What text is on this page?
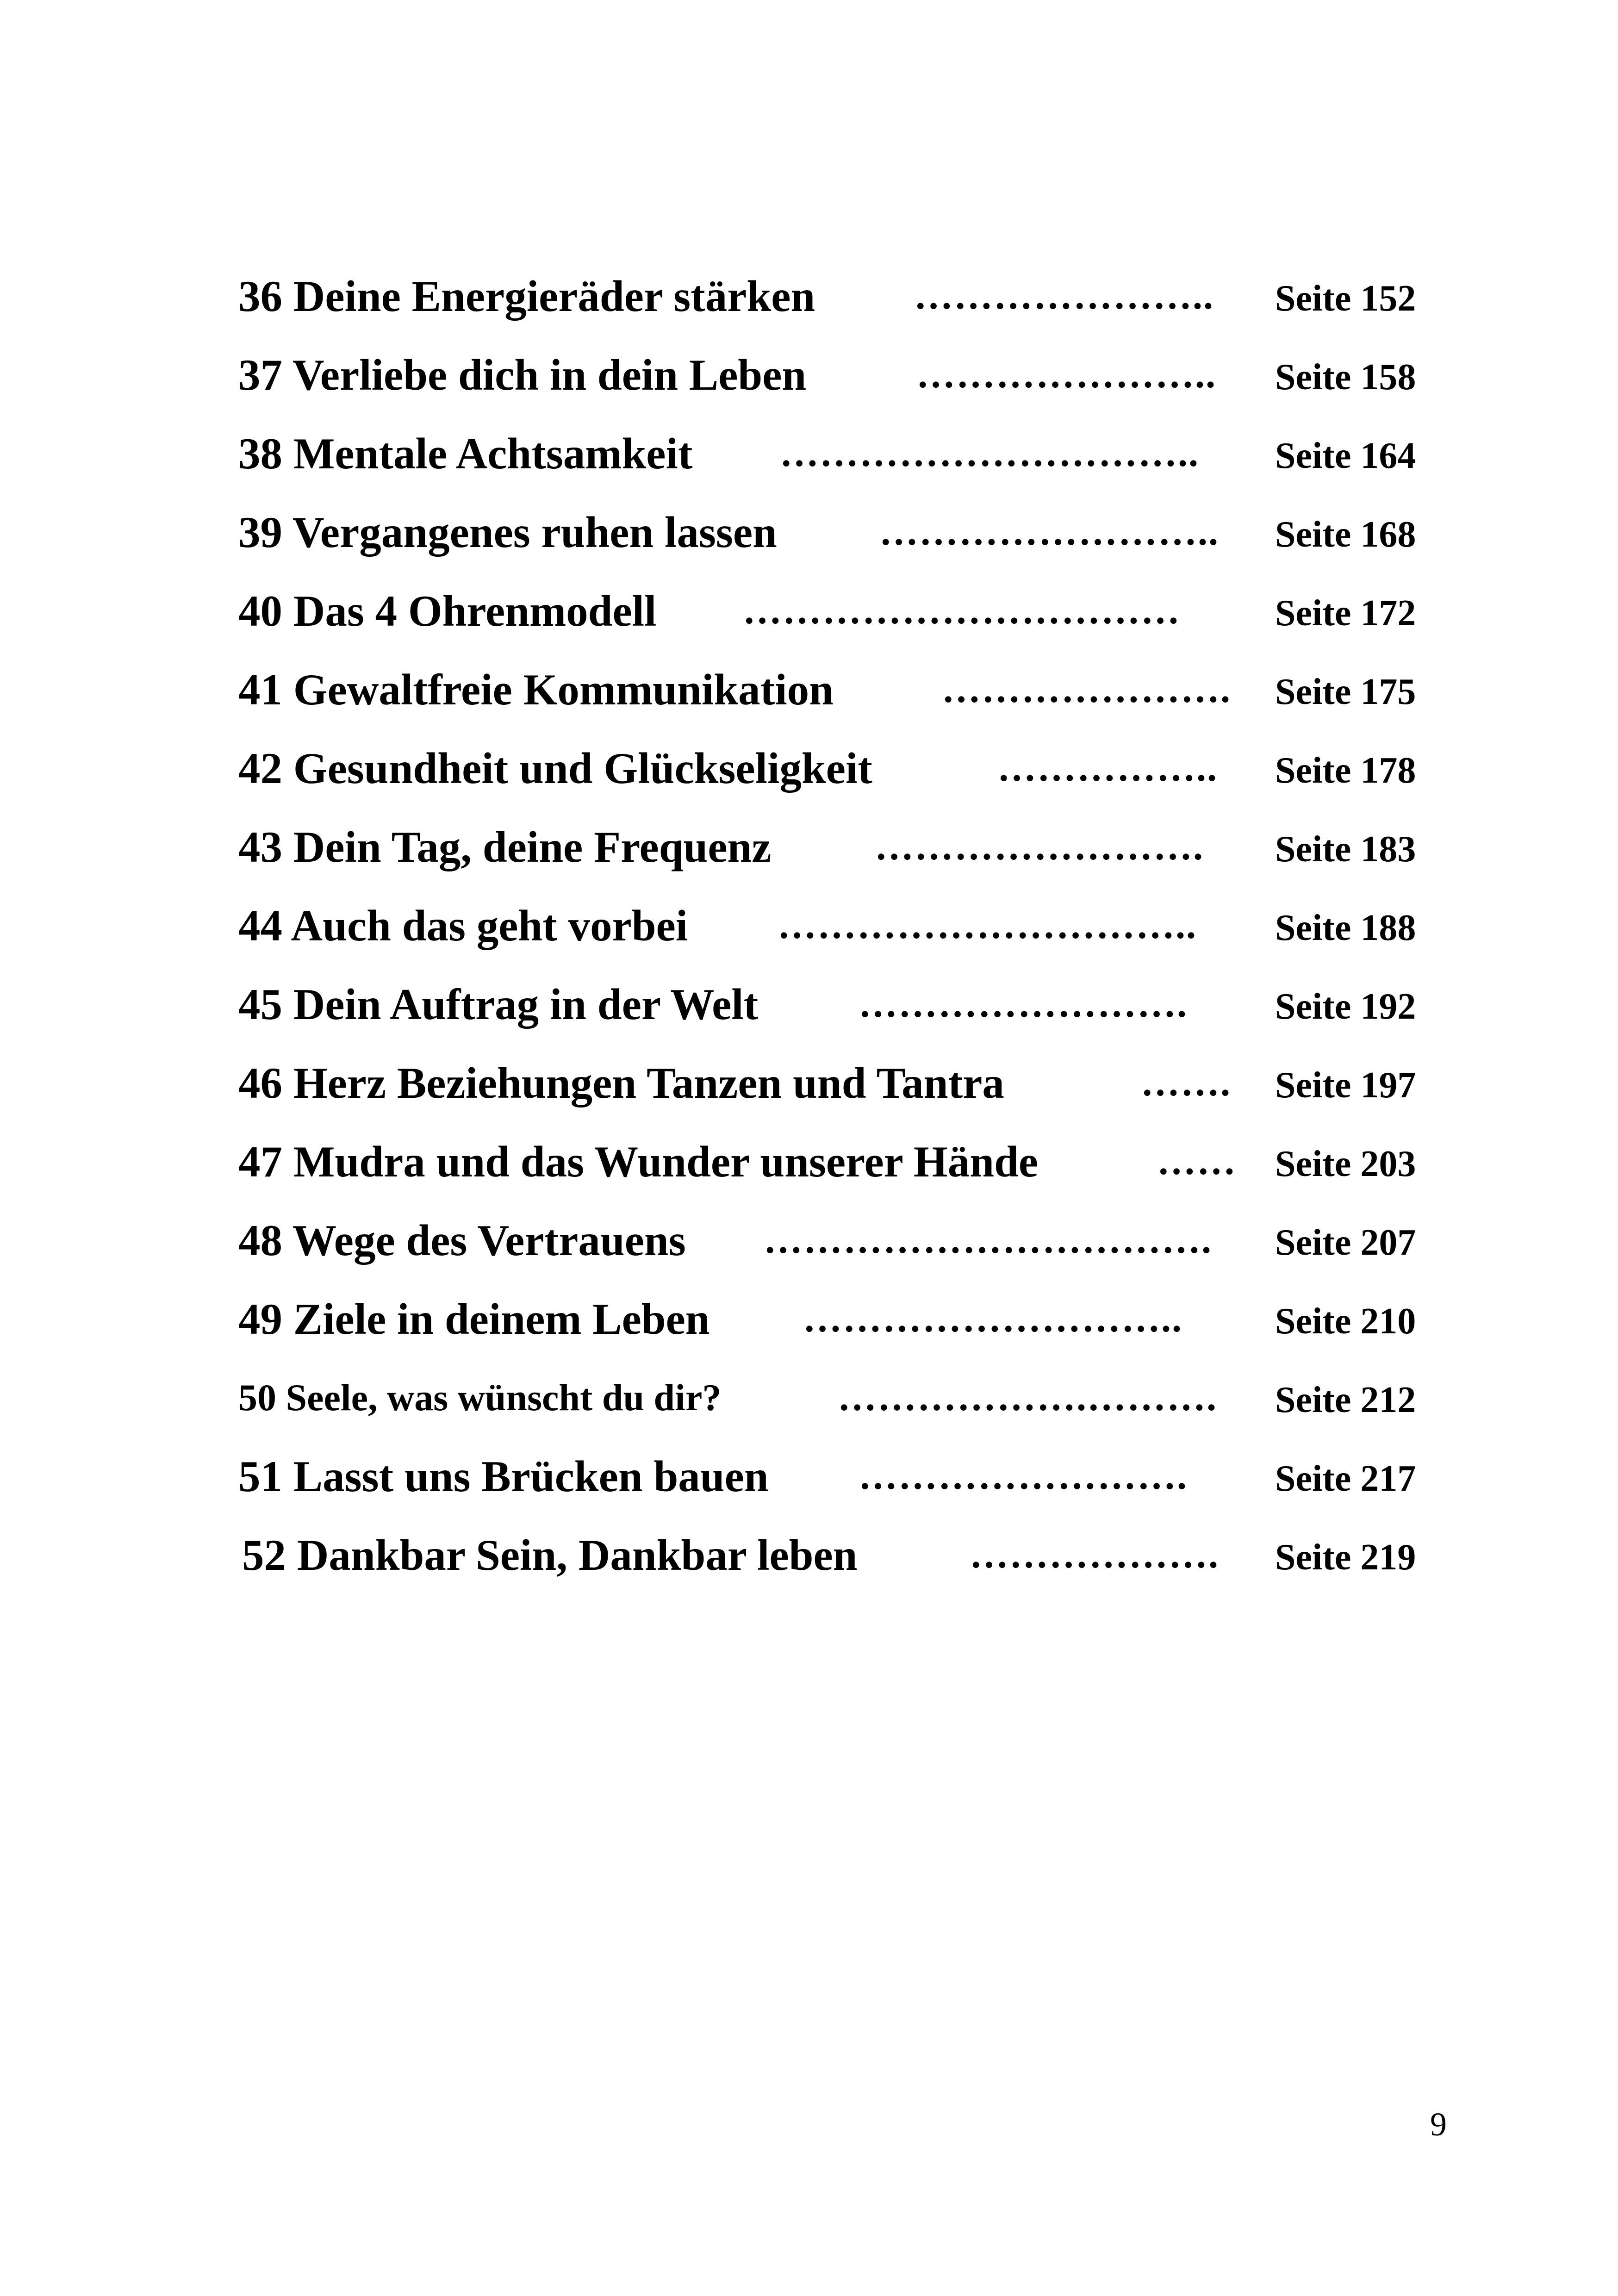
36 Deine Energieräder stärken	………………….. Seite 152
37 Verliebe dich in dein Leben	………………….. Seite 158
38 Mentale Achtsamkeit ………………………….. Seite 164
39 Vergangenes ruhen lassen	…………………….. Seite 168
40 Das 4 Ohrenmodell ……………………………	Seite 172
41 Gewaltfreie Kommunikation	…………………. Seite 175
42 Gesundheit und Glückseligkeit	…………….. Seite 178
43 Dein Tag, deine Frequenz	……………………. Seite 183
44 Auch das geht vorbei ………………………….. Seite 188
45 Dein Auftrag in der Welt	……………………. Seite 192
46 Herz Beziehungen Tanzen und Tantra	……. Seite 197
47 Mudra und das Wunder unserer Hände	…… Seite 203
48 Wege des Vertrauens ……………………………. Seite 207
49 Ziele in deinem Leben ………………………..	Seite 210
50 Seele, was wünscht du dir?	……………….………. Seite 212
51 Lasst uns Brücken bauen ……………………. Seite 217
52 Dankbar Sein, Dankbar leben	………………. Seite 219
9
